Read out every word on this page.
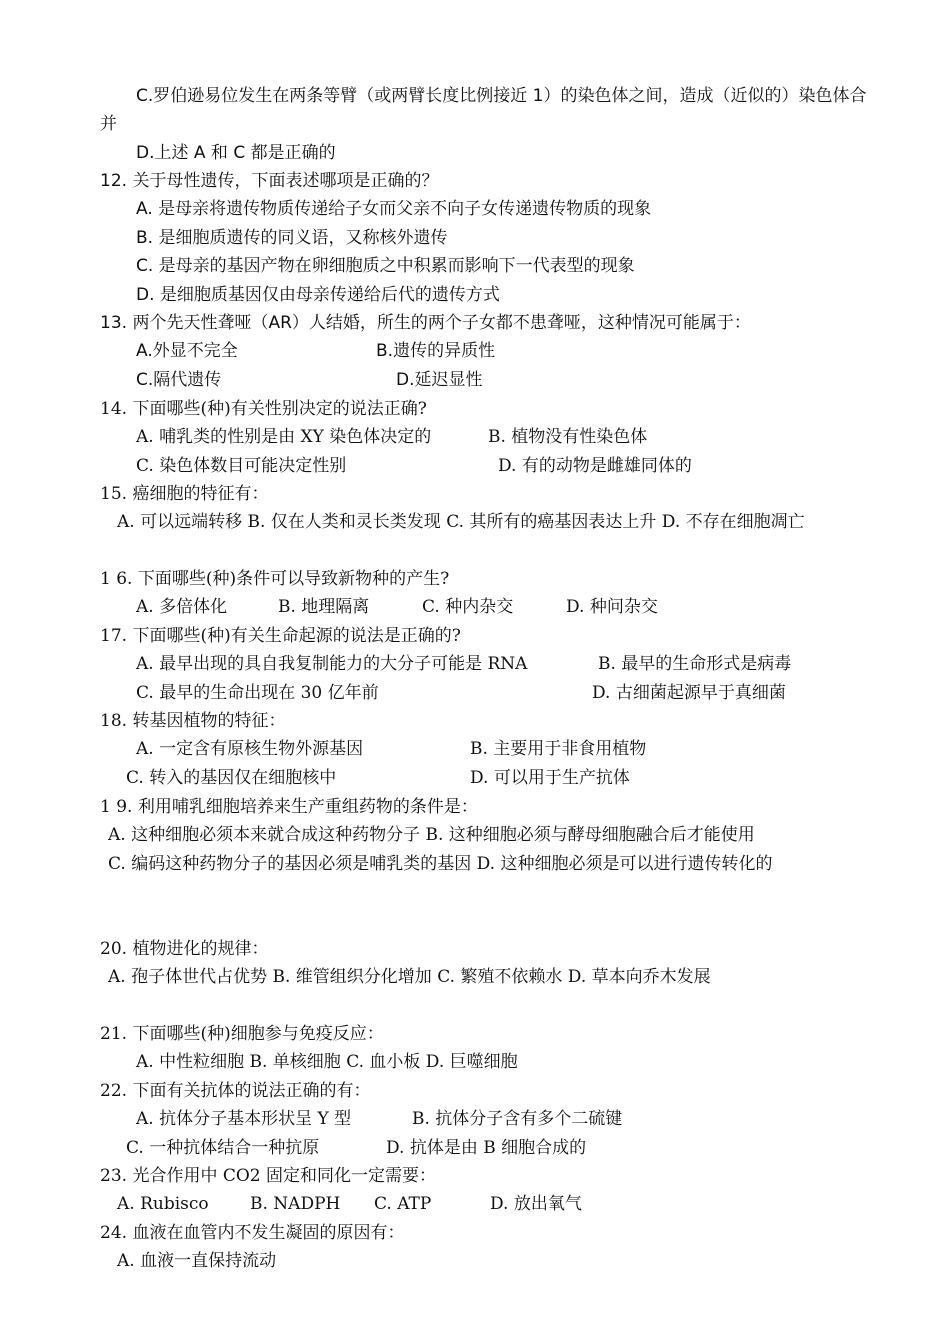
C.罗伯逊易位发生在两条等臂（或两臂长度比例接近 1）的染色体之间，造成（近似的）染色体合并
D.上述 A 和 C 都是正确的
12. 关于母性遗传，下面表述哪项是正确的？
A. 是母亲将遗传物质传递给子女而父亲不向子女传递遗传物质的现象
B. 是细胞质遗传的同义语，又称核外遗传
C. 是母亲的基因产物在卵细胞质之中积累而影响下一代表型的现象
D. 是细胞质基因仅由母亲传递给后代的遗传方式
13. 两个先天性聋哑（AR）人结婚，所生的两个子女都不患聋哑，这种情况可能属于：
A.外显不完全	B.遗传的异质性
C.隔代遗传	D.延迟显性
14. 下面哪些(种)有关性别决定的说法正确?
A. 哺乳类的性别是由 XY 染色体决定的	B. 植物没有性染色体
C. 染色体数目可能决定性别	D. 有的动物是雌雄同体的
15. 癌细胞的特征有：
A. 可以远端转移 B. 仅在人类和灵长类发现 C. 其所有的癌基因表达上升 D. 不存在细胞凋亡
1 6. 下面哪些(种)条件可以导致新物种的产生?
A. 多倍体化	B. 地理隔离	C. 种内杂交	D. 种问杂交
17. 下面哪些(种)有关生命起源的说法是正确的?
A. 最早出现的具自我复制能力的大分子可能是 RNA	B. 最早的生命形式是病毒
C. 最早的生命出现在 30 亿年前	D. 古细菌起源早于真细菌
18. 转基因植物的特征：
A. 一定含有原核生物外源基因	B. 主要用于非食用植物
C. 转入的基因仅在细胞核中	D. 可以用于生产抗体
1 9. 利用哺乳细胞培养来生产重组药物的条件是：
A. 这种细胞必须本来就合成这种药物分子 B. 这种细胞必须与酵母细胞融合后才能使用
C. 编码这种药物分子的基因必须是哺乳类的基因 D. 这种细胞必须是可以进行遗传转化的
20. 植物进化的规律：
A. 孢子体世代占优势 B. 维管组织分化增加 C. 繁殖不依赖水 D. 草本向乔木发展
21. 下面哪些(种)细胞参与免疫反应：
A. 中性粒细胞 B. 单核细胞 C. 血小板 D. 巨噬细胞
22. 下面有关抗体的说法正确的有：
A. 抗体分子基本形状呈 Y 型	B. 抗体分子含有多个二硫键
C. 一种抗体结合一种抗原	D. 抗体是由 B 细胞合成的
23. 光合作用中 CO2 固定和同化一定需要：
A. Rubisco B. NADPH C. ATP	D. 放出氧气
24. 血液在血管内不发生凝固的原因有：
A. 血液一直保持流动
